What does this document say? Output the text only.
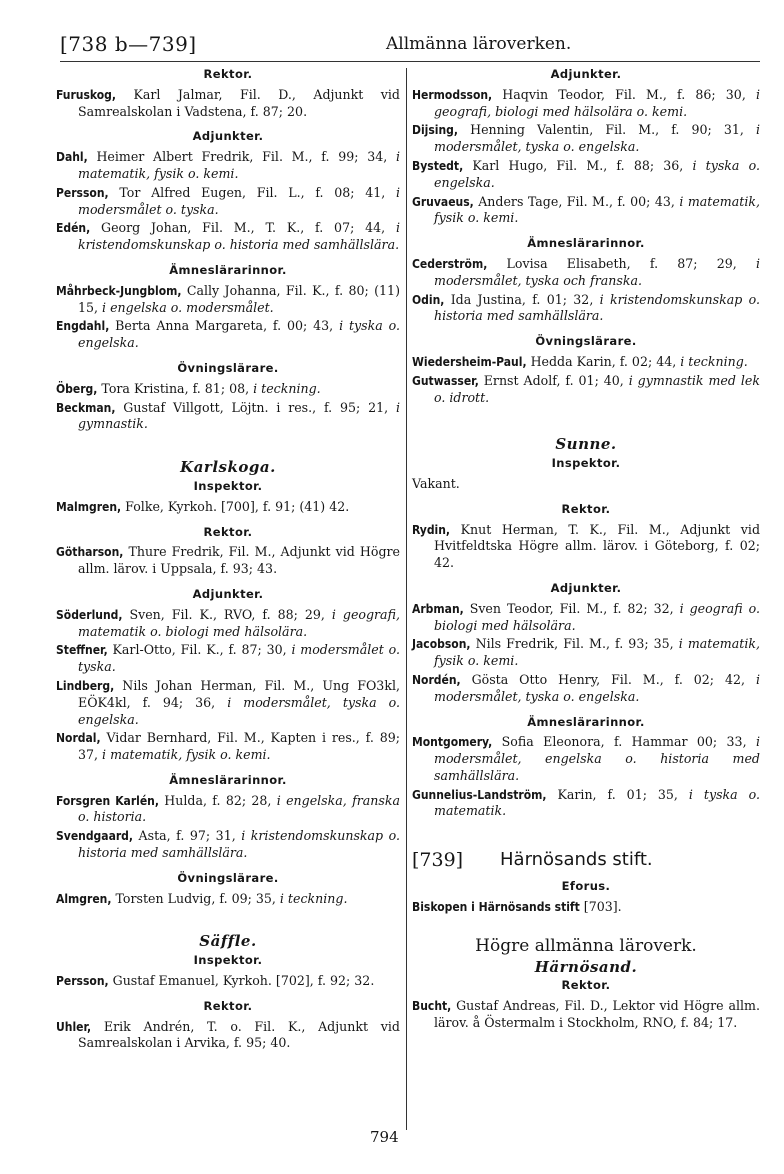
[738 b—739]	Allmänna läroverken.
Rektor.
Furuskog, Karl Jalmar, Fil. D., Adjunkt vid Samrealskolan i Vadstena, f. 87; 20.
Adjunkter.
Dahl, Heimer Albert Fredrik, Fil. M., f. 99; 34, i matematik, fysik o. kemi.
Persson, Tor Alfred Eugen, Fil. L., f. 08; 41, i modersmålet o. tyska.
Edén, Georg Johan, Fil. M., T. K., f. 07; 44, i kristendomskunskap o. historia med samhällslära.
Ämneslärarinnor.
Måhrbeck-Jungblom, Cally Johanna, Fil. K., f. 80; (11) 15, i engelska o. modersmålet.
Engdahl, Berta Anna Margareta, f. 00; 43, i tyska o. engelska.
Övningslärare.
Öberg, Tora Kristina, f. 81; 08, i teckning.
Beckman, Gustaf Villgott, Löjtn. i res., f. 95; 21, i gymnastik.
Karlskoga.
Inspektor.
Malmgren, Folke, Kyrkoh. [700], f. 91; (41) 42.
Rektor.
Götharson, Thure Fredrik, Fil. M., Adjunkt vid Högre allm. lärov. i Uppsala, f. 93; 43.
Adjunkter.
Söderlund, Sven, Fil. K., RVO, f. 88; 29, i geografi, matematik o. biologi med hälsolära.
Steffner, Karl-Otto, Fil. K., f. 87; 30, i modersmålet o. tyska.
Lindberg, Nils Johan Herman, Fil. M., Ung FO3kl, EÖK4kl, f. 94; 36, i modersmålet, tyska o. engelska.
Nordal, Vidar Bernhard, Fil. M., Kapten i res., f. 89; 37, i matematik, fysik o. kemi.
Ämneslärarinnor.
Forsgren Karlén, Hulda, f. 82; 28, i engelska, franska o. historia.
Svendgaard, Asta, f. 97; 31, i kristendomskunskap o. historia med samhällslära.
Övningslärare.
Almgren, Torsten Ludvig, f. 09; 35, i teckning.
Säffle.
Inspektor.
Persson, Gustaf Emanuel, Kyrkoh. [702], f. 92; 32.
Rektor.
Uhler, Erik Andrén, T. o. Fil. K., Adjunkt vid Samrealskolan i Arvika, f. 95; 40.
Adjunkter.
Hermodsson, Haqvin Teodor, Fil. M., f. 86; 30, i geografi, biologi med hälsolära o. kemi.
Dijsing, Henning Valentin, Fil. M., f. 90; 31, i modersmålet, tyska o. engelska.
Bystedt, Karl Hugo, Fil. M., f. 88; 36, i tyska o. engelska.
Gruvaeus, Anders Tage, Fil. M., f. 00; 43, i matematik, fysik o. kemi.
Ämneslärarinnor.
Cederström, Lovisa Elisabeth, f. 87; 29, i modersmålet, tyska och franska.
Odin, Ida Justina, f. 01; 32, i kristendomskunskap o. historia med samhällslära.
Övningslärare.
Wiedersheim-Paul, Hedda Karin, f. 02; 44, i teckning.
Gutwasser, Ernst Adolf, f. 01; 40, i gymnastik med lek o. idrott.
Sunne.
Inspektor.
Vakant.
Rektor.
Rydin, Knut Herman, T. K., Fil. M., Adjunkt vid Hvitfeldtska Högre allm. lärov. i Göteborg, f. 02; 42.
Adjunkter.
Arbman, Sven Teodor, Fil. M., f. 82; 32, i geografi o. biologi med hälsolära.
Jacobson, Nils Fredrik, Fil. M., f. 93; 35, i matematik, fysik o. kemi.
Nordén, Gösta Otto Henry, Fil. M., f. 02; 42, i modersmålet, tyska o. engelska.
Ämneslärarinnor.
Montgomery, Sofia Eleonora, f. Hammar 00; 33, i modersmålet, engelska o. historia med samhällslära.
Gunnelius-Landström, Karin, f. 01; 35, i tyska o. matematik.
[739] Härnösands stift.
Eforus.
Biskopen i Härnösands stift [703].
Högre allmänna läroverk.
Härnösand.
Rektor.
Bucht, Gustaf Andreas, Fil. D., Lektor vid Högre allm. lärov. å Östermalm i Stockholm, RNO, f. 84; 17.
794
